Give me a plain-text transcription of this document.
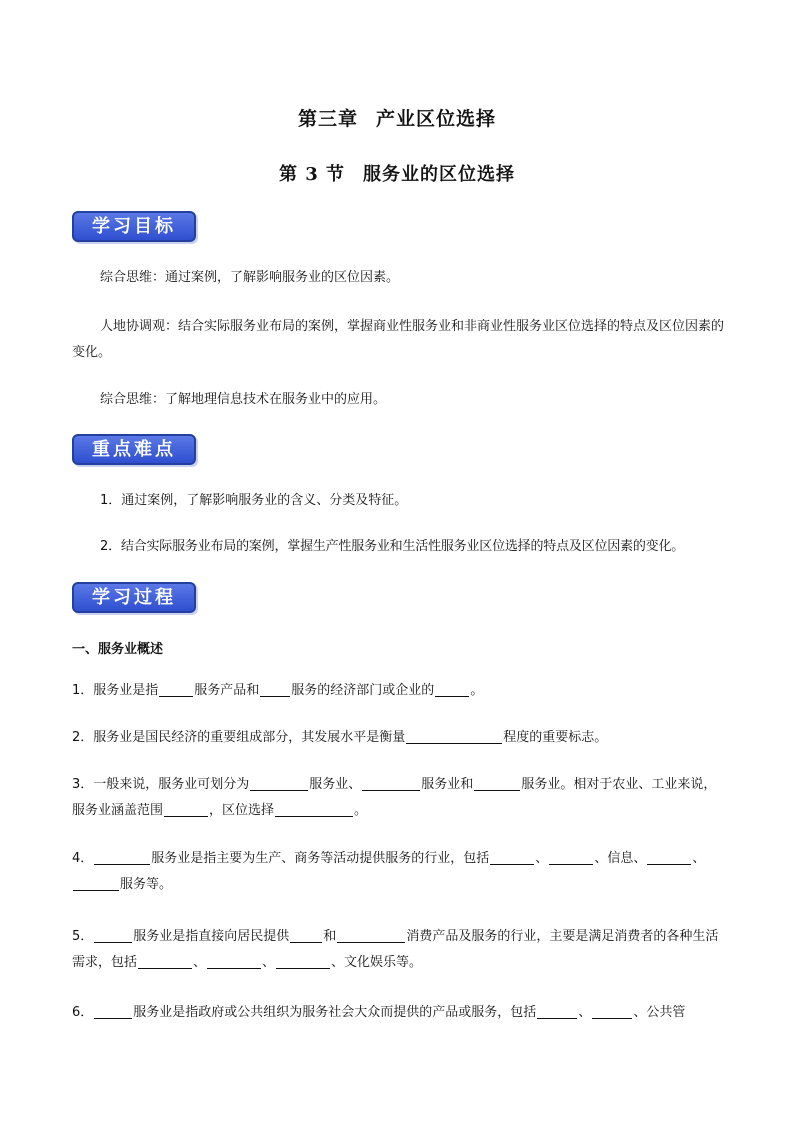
第三章 产业区位选择
第 3 节 服务业的区位选择
学习目标
综合思维：通过案例，了解影响服务业的区位因素。
人地协调观：结合实际服务业布局的案例，掌握商业性服务业和非商业性服务业区位选择的特点及区位因素的变化。
综合思维：了解地理信息技术在服务业中的应用。
重点难点
1．通过案例，了解影响服务业的含义、分类及特征。
2．结合实际服务业布局的案例，掌握生产性服务业和生活性服务业区位选择的特点及区位因素的变化。
学习过程
一、服务业概述
1．服务业是指	服务产品和 服务的经济部门或企业的	。
2．服务业是国民经济的重要组成部分，其发展水平是衡量	程度的重要标志。
3．一般来说，服务业可划分为	服务业、	服务业和	服务业。相对于农业、工业来说，服务业涵盖范围	，区位选择	。
4．	服务业是指主要为生产、商务等活动提供服务的行业，包括	、	、信息、	、服务等。
5．	服务业是指直接向居民提供	和	消费产品及服务的行业，主要是满足消费者的各种生活需求，包括	、	、	、文化娱乐等。
6．	服务业是指政府或公共组织为服务社会大众而提供的产品或服务，包括	、	、公共管
